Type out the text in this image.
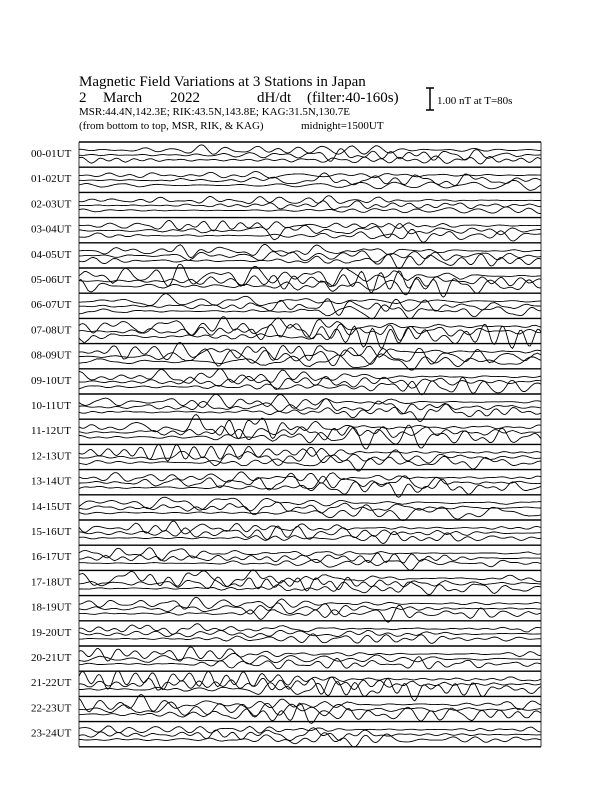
Magnetic Field Variations at 3 Stations in Japan
2 March 2022	dH/dt (filter:40-160s)
MSR:44.4N,142.3E; RIK:43.5N,143.8E; KAG:31.5N,130.7E
(from bottom to top, MSR, RIK, & KAG)	midnight=1500UT
1.00 nT at T=80s
00-01UT
01-02UT
02-03UT
03-04UT
04-05UT
05-06UT
06-07UT
07-08UT
08-09UT
09-10UT
10-11UT
11-12UT
12-13UT
13-14UT
14-15UT
15-16UT
16-17UT
17-18UT
18-19UT
19-20UT
20-21UT
21-22UT
22-23UT
23-24UT
